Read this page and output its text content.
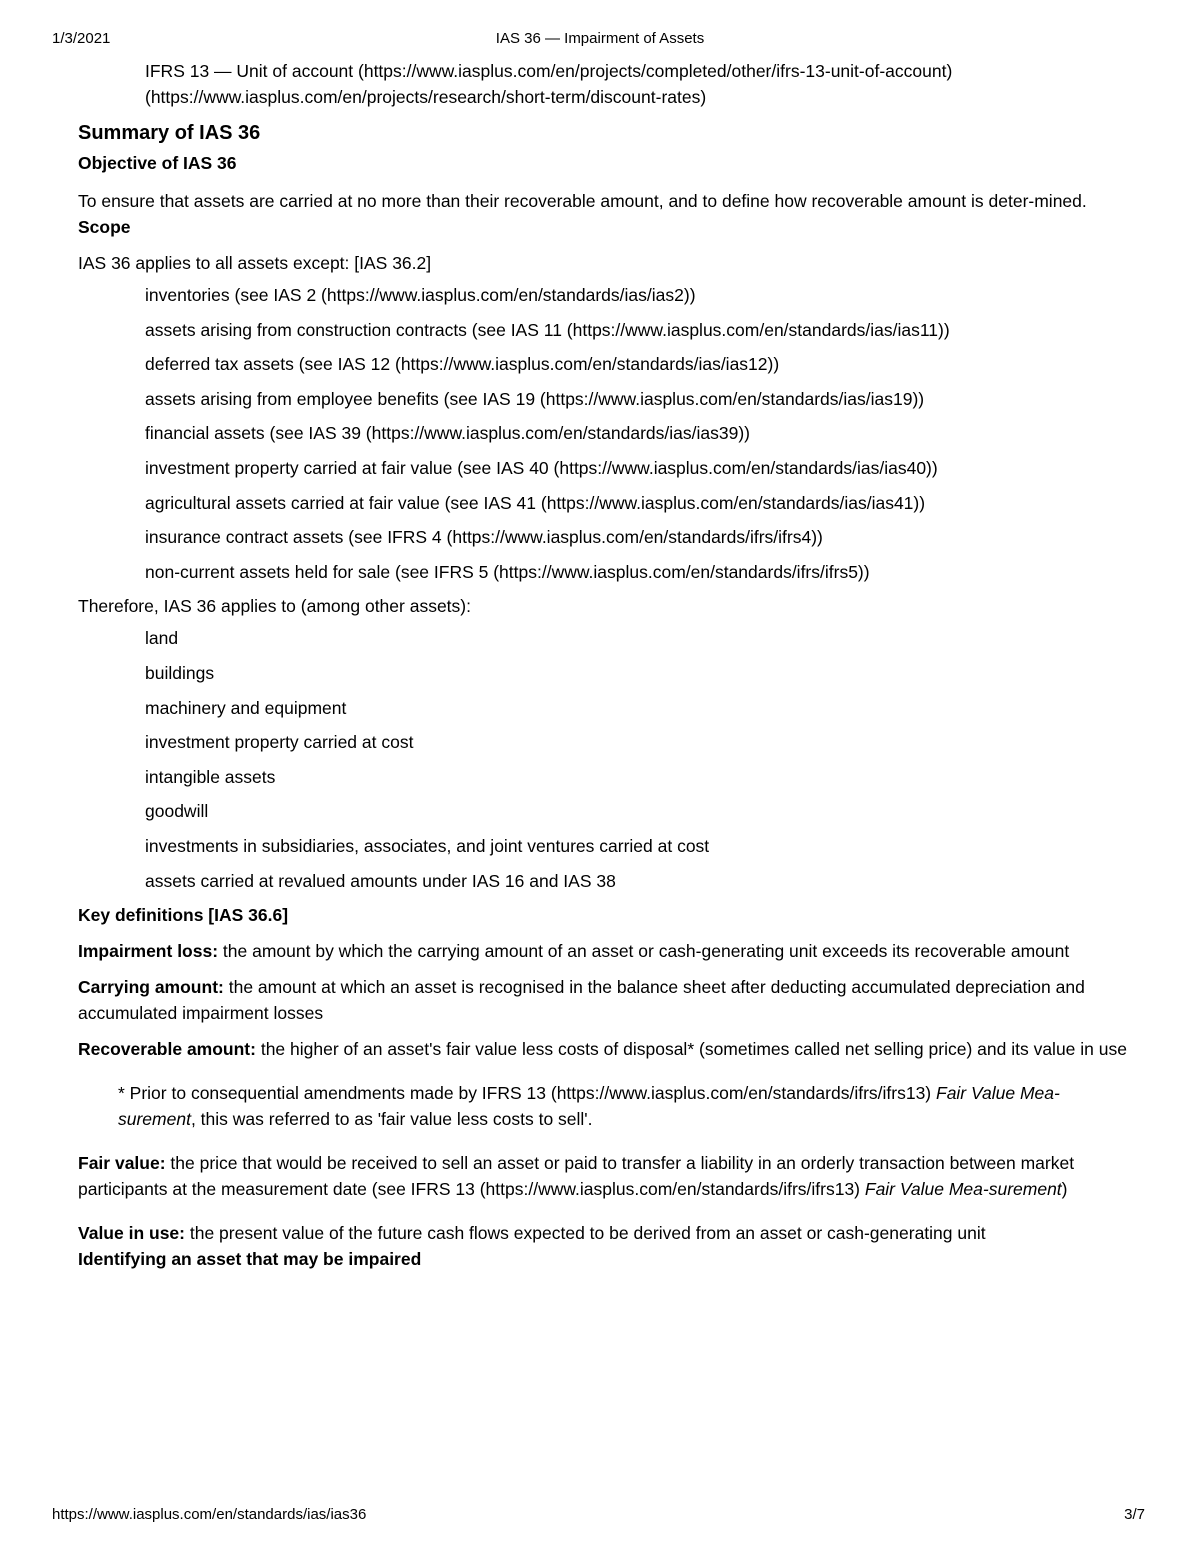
1/3/2021	IAS 36 — Impairment of Assets

IFRS 13 — Unit of account (https://www.iasplus.com/en/projects/completed/other/ifrs-13-unit-of-account)

(https://www.iasplus.com/en/projects/research/short-term/discount-rates)

Summary of IAS 36
Objective of IAS 36

To ensure that assets are carried at no more than their recoverable amount, and to define how recoverable amount is deter-mined.

Scope

IAS 36 applies to all assets except: [IAS 36.2]

inventories (see IAS 2 (https://www.iasplus.com/en/standards/ias/ias2))
assets arising from construction contracts (see IAS 11 (https://www.iasplus.com/en/standards/ias/ias11))
deferred tax assets (see IAS 12 (https://www.iasplus.com/en/standards/ias/ias12))
assets arising from employee benefits (see IAS 19 (https://www.iasplus.com/en/standards/ias/ias19))
financial assets (see IAS 39 (https://www.iasplus.com/en/standards/ias/ias39))
investment property carried at fair value (see IAS 40 (https://www.iasplus.com/en/standards/ias/ias40))
agricultural assets carried at fair value (see IAS 41 (https://www.iasplus.com/en/standards/ias/ias41))
insurance contract assets (see IFRS 4 (https://www.iasplus.com/en/standards/ifrs/ifrs4))
non-current assets held for sale (see IFRS 5 (https://www.iasplus.com/en/standards/ifrs/ifrs5))

Therefore, IAS 36 applies to (among other assets):

land
buildings
machinery and equipment
investment property carried at cost
intangible assets
goodwill
investments in subsidiaries, associates, and joint ventures carried at cost
assets carried at revalued amounts under IAS 16 and IAS 38
Key definitions [IAS 36.6]

Impairment loss: the amount by which the carrying amount of an asset or cash-generating unit exceeds its recoverable amount

Carrying amount: the amount at which an asset is recognised in the balance sheet after deducting accumulated depreciation and accumulated impairment losses

Recoverable amount: the higher of an asset's fair value less costs of disposal* (sometimes called net selling price) and its value in use

* Prior to consequential amendments made by IFRS 13 (https://www.iasplus.com/en/standards/ifrs/ifrs13) Fair Value Mea-surement, this was referred to as 'fair value less costs to sell'.

Fair value: the price that would be received to sell an asset or paid to transfer a liability in an orderly transaction between market participants at the measurement date (see IFRS 13 (https://www.iasplus.com/en/standards/ifrs/ifrs13) Fair Value Mea-surement)

Value in use: the present value of the future cash flows expected to be derived from an asset or cash-generating unit

Identifying an asset that may be impaired
https://www.iasplus.com/en/standards/ias/ias36	3/7
